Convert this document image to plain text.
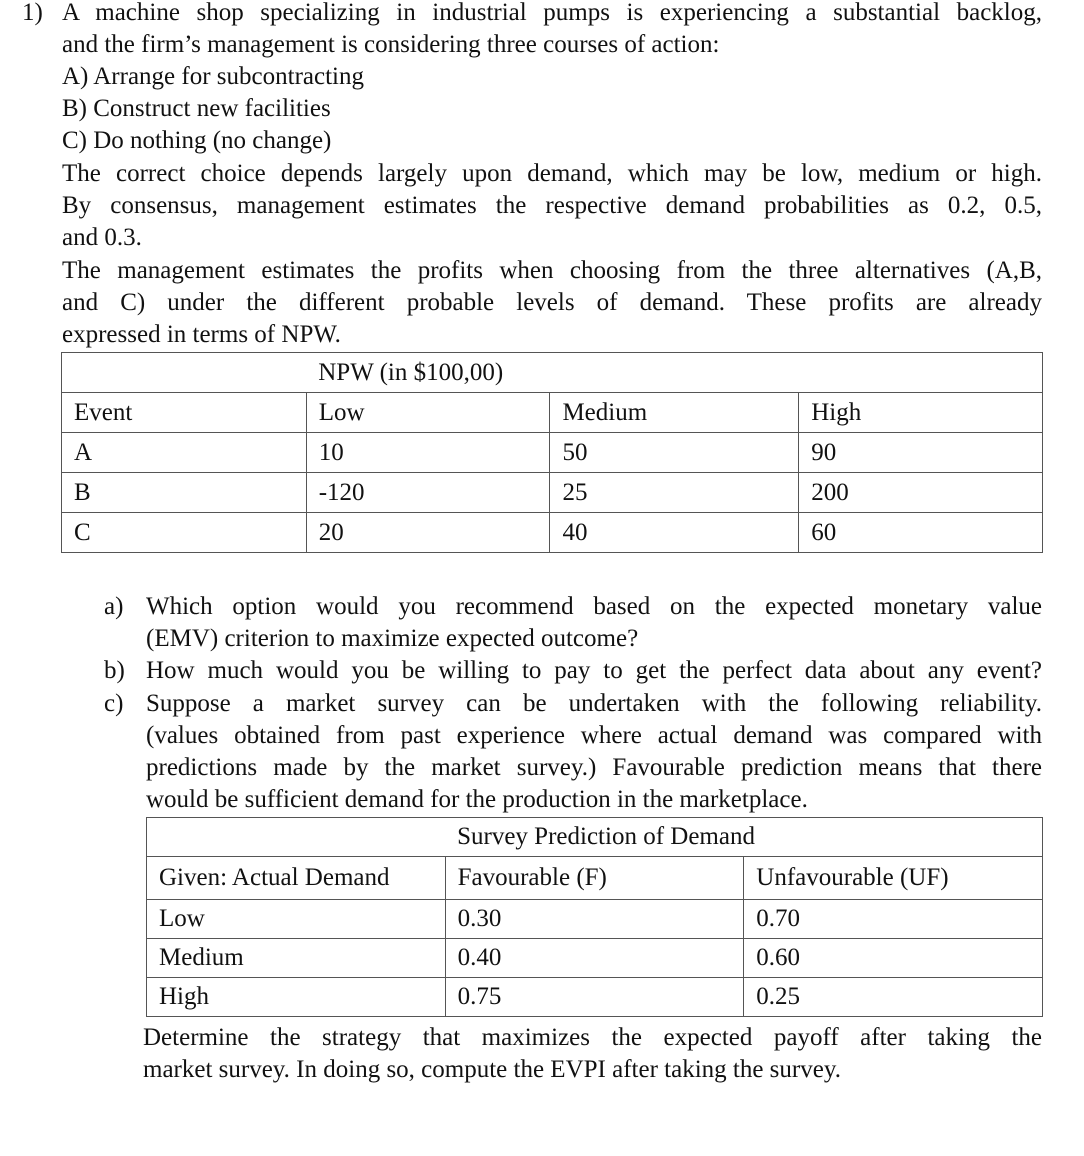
1) A machine shop specializing in industrial pumps is experiencing a substantial backlog,
and the firm’s management is considering three courses of action:
A) Arrange for subcontracting
B) Construct new facilities
C) Do nothing (no change)
The correct choice depends largely upon demand, which may be low, medium or high.
By consensus, management estimates the respective demand probabilities as 0.2, 0.5,
and 0.3.
The management estimates the profits when choosing from the three alternatives (A,B,
and C) under the different probable levels of demand. These profits are already
expressed in terms of NPW.
	NPW (in $100,00)		
Event	Low	Medium	High
A	10	50	90
B	-120	25	200
C	20	40	60
a) Which option would you recommend based on the expected monetary value
(EMV) criterion to maximize expected outcome?
b) How much would you be willing to pay to get the perfect data about any event?
c) Suppose a market survey can be undertaken with the following reliability.
(values obtained from past experience where actual demand was compared with
predictions made by the market survey.) Favourable prediction means that there
would be sufficient demand for the production in the marketplace.
	Survey Prediction of Demand	
Given: Actual Demand	Favourable (F)	Unfavourable (UF)
Low	0.30	0.70
Medium	0.40	0.60
High	0.75	0.25
Determine the strategy that maximizes the expected payoff after taking the
market survey. In doing so, compute the EVPI after taking the survey.
